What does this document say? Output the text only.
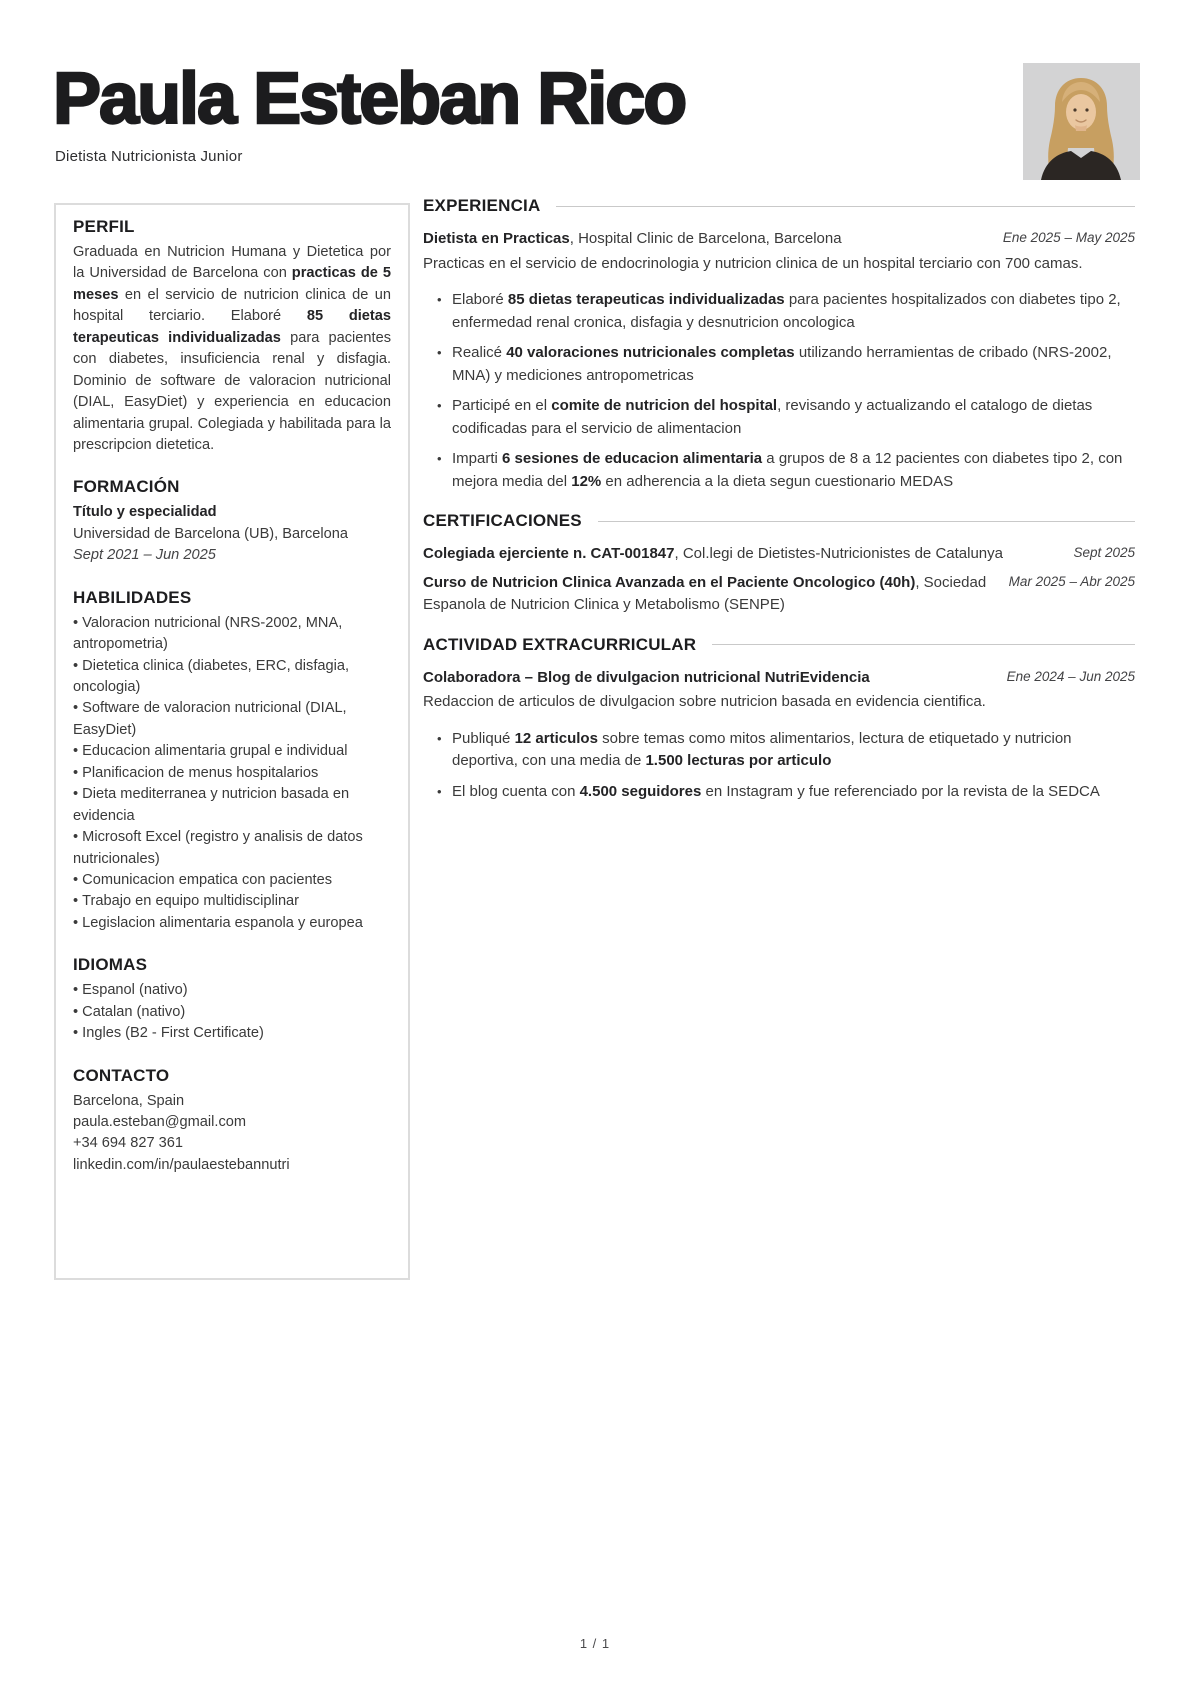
Paula Esteban Rico
Dietista Nutricionista Junior
PERFIL

Graduada en Nutricion Humana y Dietetica por la Universidad de Barcelona con practicas de 5 meses en el servicio de nutricion clinica de un hospital terciario. Elaboré 85 dietas terapeuticas individualizadas para pacientes con diabetes, insuficiencia renal y disfagia. Dominio de software de valoracion nutricional (DIAL, EasyDiet) y experiencia en educacion alimentaria grupal. Colegiada y habilitada para la prescripcion dietetica.

FORMACIÓN
Título y especialidad
Universidad de Barcelona (UB), Barcelona
Sept 2021 – Jun 2025
HABILIDADES
• Valoracion nutricional (NRS-2002, MNA, antropometria)
• Dietetica clinica (diabetes, ERC, disfagia, oncologia)
• Software de valoracion nutricional (DIAL, EasyDiet)
• Educacion alimentaria grupal e individual
• Planificacion de menus hospitalarios
• Dieta mediterranea y nutricion basada en evidencia
• Microsoft Excel (registro y analisis de datos nutricionales)
• Comunicacion empatica con pacientes
• Trabajo en equipo multidisciplinar
• Legislacion alimentaria espanola y europea
IDIOMAS
• Espanol (nativo)
• Catalan (nativo)
• Ingles (B2 - First Certificate)
CONTACTO
Barcelona, Spain
paula.esteban@gmail.com
+34 694 827 361
linkedin.com/in/paulaestebannutri
EXPERIENCIA
Dietista en Practicas, Hospital Clinic de Barcelona, Barcelona	Ene 2025 – May 2025

Practicas en el servicio de endocrinologia y nutricion clinica de un hospital terciario con 700 camas.

• Elaboré 85 dietas terapeuticas individualizadas para pacientes hospitalizados con diabetes tipo 2, enfermedad renal cronica, disfagia y desnutricion oncologica
• Realicé 40 valoraciones nutricionales completas utilizando herramientas de cribado (NRS-2002, MNA) y mediciones antropometricas
• Participé en el comite de nutricion del hospital, revisando y actualizando el catalogo de dietas codificadas para el servicio de alimentacion
• Imparti 6 sesiones de educacion alimentaria a grupos de 8 a 12 pacientes con diabetes tipo 2, con mejora media del 12% en adherencia a la dieta segun cuestionario MEDAS
CERTIFICACIONES
Colegiada ejerciente n. CAT-001847, Col.legi de Dietistes-Nutricionistes de Catalunya	Sept 2025
Curso de Nutricion Clinica Avanzada en el Paciente Oncologico (40h), Sociedad Espanola de Nutricion Clinica y Metabolismo (SENPE)
Mar 2025 – Abr 2025
ACTIVIDAD EXTRACURRICULAR
Colaboradora – Blog de divulgacion nutricional NutriEvidencia	Ene 2024 – Jun 2025

Redaccion de articulos de divulgacion sobre nutricion basada en evidencia cientifica.

• Publiqué 12 articulos sobre temas como mitos alimentarios, lectura de etiquetado y nutricion deportiva, con una media de 1.500 lecturas por articulo
• El blog cuenta con 4.500 seguidores en Instagram y fue referenciado por la revista de la SEDCA
1 / 1
